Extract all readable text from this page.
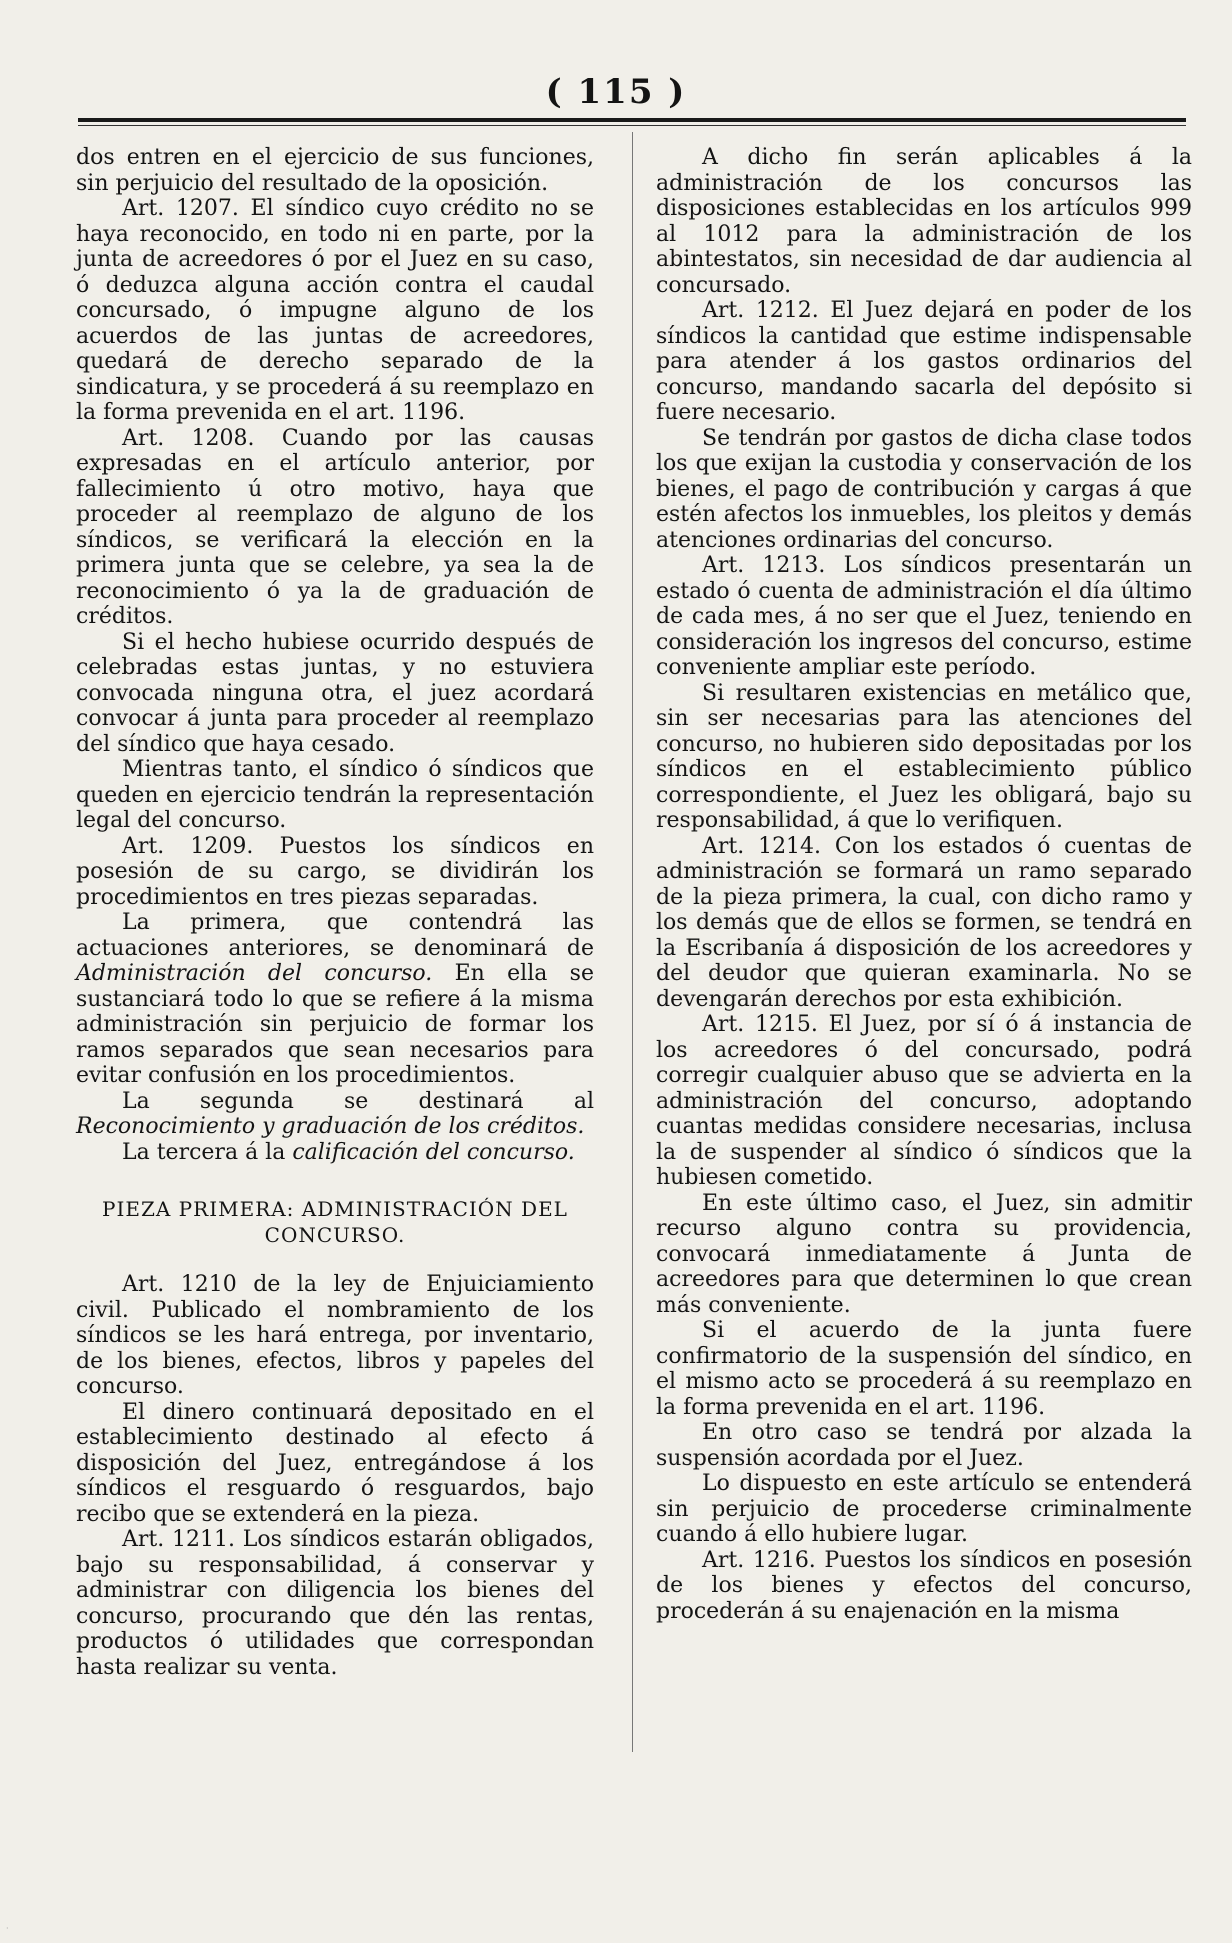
( 115 )

dos entren en el ejercicio de sus funciones, sin perjuicio del resultado de la oposición.

Art. 1207. El síndico cuyo crédito no se haya reconocido, en todo ni en parte, por la junta de acreedores ó por el Juez en su caso, ó deduzca alguna acción contra el caudal concursado, ó impugne alguno de los acuerdos de las juntas de acreedores, quedará de derecho separado de la sindicatura, y se procederá á su reemplazo en la forma prevenida en el art. 1196.

Art. 1208. Cuando por las causas expresadas en el artículo anterior, por fallecimiento ú otro motivo, haya que proceder al reemplazo de alguno de los síndicos, se verificará la elección en la primera junta que se celebre, ya sea la de reconocimiento ó ya la de graduación de créditos.

Si el hecho hubiese ocurrido después de celebradas estas juntas, y no estuviera convocada ninguna otra, el juez acordará convocar á junta para proceder al reemplazo del síndico que haya cesado.

Mientras tanto, el síndico ó síndicos que queden en ejercicio tendrán la representación legal del concurso.

Art. 1209. Puestos los síndicos en posesión de su cargo, se dividirán los procedimientos en tres piezas separadas.

La primera, que contendrá las actuaciones anteriores, se denominará de Administración del concurso. En ella se sustanciará todo lo que se refiere á la misma administración sin perjuicio de formar los ramos separados que sean necesarios para evitar confusión en los procedimientos.

La segunda se destinará al Reconocimiento y graduación de los créditos.

La tercera á la calificación del concurso.

PIEZA PRIMERA: ADMINISTRACIÓN DEL CONCURSO.

Art. 1210 de la ley de Enjuiciamiento civil. Publicado el nombramiento de los síndicos se les hará entrega, por inventario, de los bienes, efectos, libros y papeles del concurso.

El dinero continuará depositado en el establecimiento destinado al efecto á disposición del Juez, entregándose á los síndicos el resguardo ó resguardos, bajo recibo que se extenderá en la pieza.

Art. 1211. Los síndicos estarán obligados, bajo su responsabilidad, á conservar y administrar con diligencia los bienes del concurso, procurando que dén las rentas, productos ó utilidades que correspondan hasta realizar su venta.

A dicho fin serán aplicables á la administración de los concursos las disposiciones establecidas en los artículos 999 al 1012 para la administración de los abintestatos, sin necesidad de dar audiencia al concursado.

Art. 1212. El Juez dejará en poder de los síndicos la cantidad que estime indispensable para atender á los gastos ordinarios del concurso, mandando sacarla del depósito si fuere necesario.

Se tendrán por gastos de dicha clase todos los que exijan la custodia y conservación de los bienes, el pago de contribución y cargas á que estén afectos los inmuebles, los pleitos y demás atenciones ordinarias del concurso.

Art. 1213. Los síndicos presentarán un estado ó cuenta de administración el día último de cada mes, á no ser que el Juez, teniendo en consideración los ingresos del concurso, estime conveniente ampliar este período.

Si resultaren existencias en metálico que, sin ser necesarias para las atenciones del concurso, no hubieren sido depositadas por los síndicos en el establecimiento público correspondiente, el Juez les obligará, bajo su responsabilidad, á que lo verifiquen.

Art. 1214. Con los estados ó cuentas de administración se formará un ramo separado de la pieza primera, la cual, con dicho ramo y los demás que de ellos se formen, se tendrá en la Escribanía á disposición de los acreedores y del deudor que quieran examinarla. No se devengarán derechos por esta exhibición.

Art. 1215. El Juez, por sí ó á instancia de los acreedores ó del concursado, podrá corregir cualquier abuso que se advierta en la administración del concurso, adoptando cuantas medidas considere necesarias, inclusa la de suspender al síndico ó síndicos que la hubiesen cometido.

En este último caso, el Juez, sin admitir recurso alguno contra su providencia, convocará inmediatamente á Junta de acreedores para que determinen lo que crean más conveniente.

Si el acuerdo de la junta fuere confirmatorio de la suspensión del síndico, en el mismo acto se procederá á su reemplazo en la forma prevenida en el art. 1196.

En otro caso se tendrá por alzada la suspensión acordada por el Juez.

Lo dispuesto en este artículo se entenderá sin perjuicio de procederse criminalmente cuando á ello hubiere lugar.

Art. 1216. Puestos los síndicos en posesión de los bienes y efectos del concurso, procederán á su enajenación en la misma

·
